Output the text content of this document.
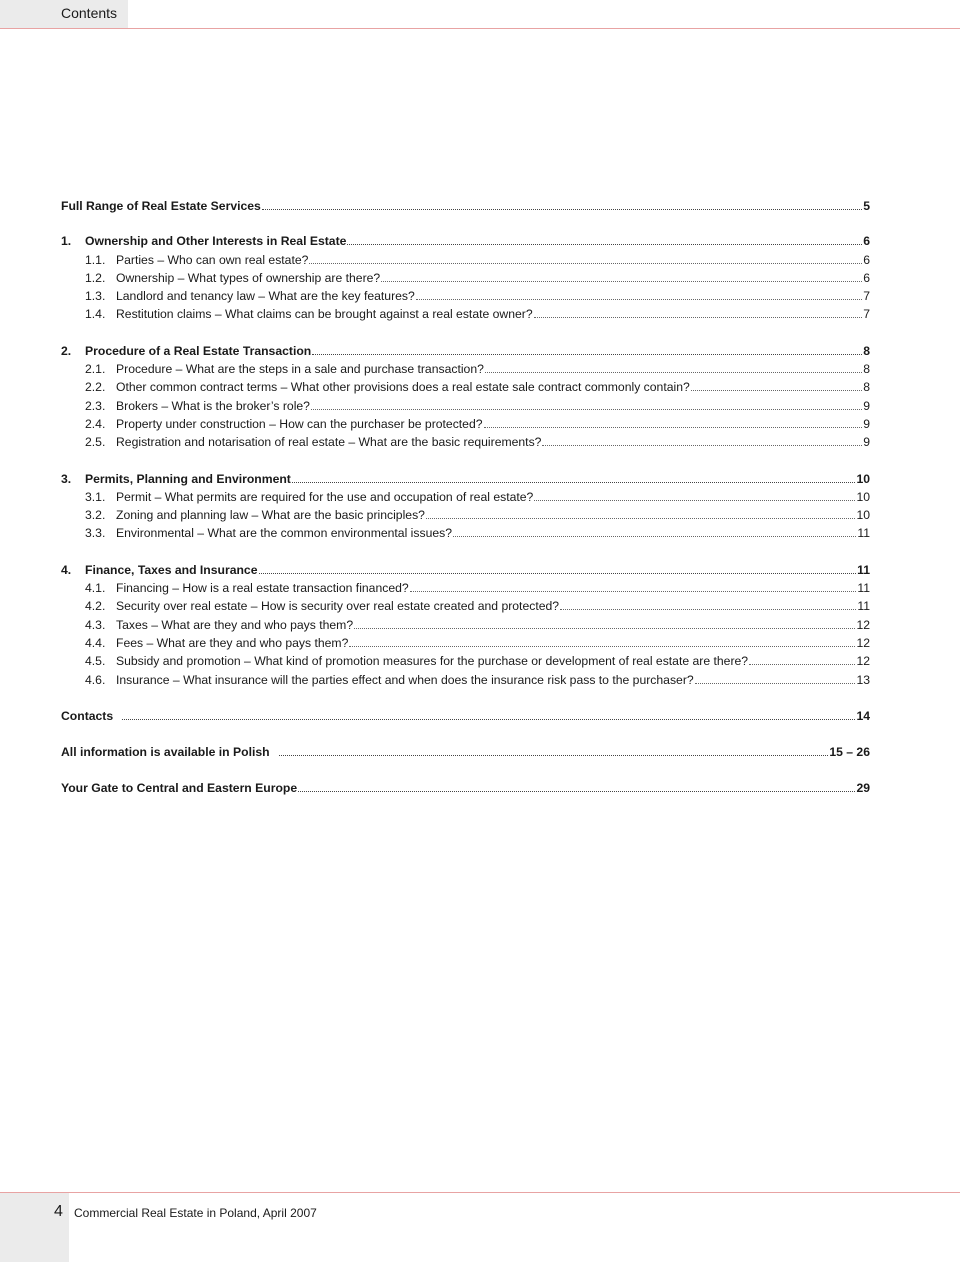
Contents
Full Range of Real Estate Services	5
1.	Ownership and Other Interests in Real Estate	6
1.1. Parties – Who can own real estate?	6
1.2. Ownership – What types of ownership are there?	6
1.3. Landlord and tenancy law – What are the key features?	7
1.4. Restitution claims – What claims can be brought against a real estate owner?	7
2.	Procedure of a Real Estate Transaction	8
2.1. Procedure – What are the steps in a sale and purchase transaction?	8
2.2. Other common contract terms – What other provisions does a real estate sale contract commonly contain?	8
2.3. Brokers – What is the broker’s role?	9
2.4. Property under construction – How can the purchaser be protected?	9
2.5. Registration and notarisation of real estate – What are the basic requirements?	9
3.	Permits, Planning and Environment	10
3.1. Permit – What permits are required for the use and occupation of real estate?	10
3.2. Zoning and planning law – What are the basic principles?	10
3.3. Environmental – What are the common environmental issues?	11
4.	Finance, Taxes and Insurance	11
4.1. Financing – How is a real estate transaction financed?	11
4.2. Security over real estate – How is security over real estate created and protected?	11
4.3. Taxes – What are they and who pays them?	12
4.4. Fees – What are they and who pays them?	12
4.5. Subsidy and promotion – What kind of promotion measures for the purchase or development of real estate are there?	12
4.6. Insurance – What insurance will the parties effect and when does the insurance risk pass to the purchaser?	13
Contacts	14
All information is available in Polish	15 – 26
Your Gate to Central and Eastern Europe	29
4 Commercial Real Estate in Poland, April 2007
